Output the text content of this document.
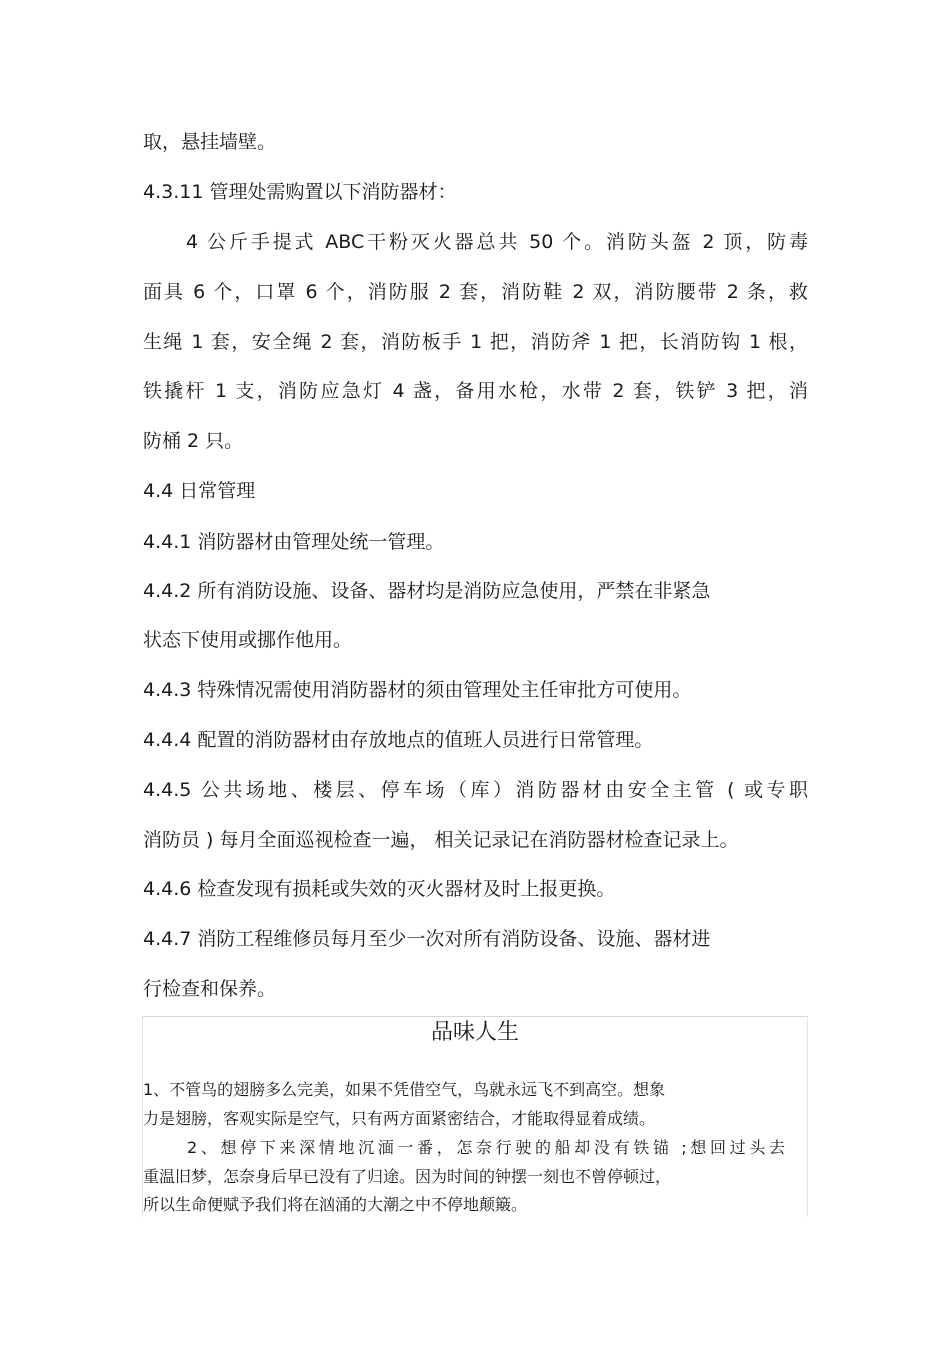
取，悬挂墙壁。
4.3.11 管理处需购置以下消防器材：
4 公斤手提式 ABC干粉灭火器总共 50 个。消防头盔 2 顶，防毒
面具 6 个，口罩 6 个，消防服 2 套，消防鞋 2 双，消防腰带 2 条，救
生绳 1 套，安全绳 2 套，消防板手 1 把，消防斧 1 把，长消防钩 1 根，
铁撬杆 1 支，消防应急灯 4 盏，备用水枪，水带 2 套，铁铲 3 把，消
防桶 2 只。
4.4 日常管理
4.4.1 消防器材由管理处统一管理。
4.4.2 所有消防设施、设备、器材均是消防应急使用，严禁在非紧急
状态下使用或挪作他用。
4.4.3 特殊情况需使用消防器材的须由管理处主任审批方可使用。
4.4.4 配置的消防器材由存放地点的值班人员进行日常管理。
4.4.5 公共场地、楼层、停车场（库）消防器材由安全主管 ( 或专职
消防员 ) 每月全面巡视检查一遍， 相关记录记在消防器材检查记录上。
4.4.6 检查发现有损耗或失效的灭火器材及时上报更换。
4.4.7 消防工程维修员每月至少一次对所有消防设备、设施、器材进
行检查和保养。
品味人生
1、不管鸟的翅膀多么完美，如果不凭借空气，鸟就永远飞不到高空。想象
力是翅膀，客观实际是空气，只有两方面紧密结合，才能取得显着成绩。
2、想停下来深情地沉湎一番，怎奈行驶的船却没有铁锚 ;想回过头去
重温旧梦，怎奈身后早已没有了归途。因为时间的钟摆一刻也不曾停顿过，
所以生命便赋予我们将在汹涌的大潮之中不停地颠簸。
